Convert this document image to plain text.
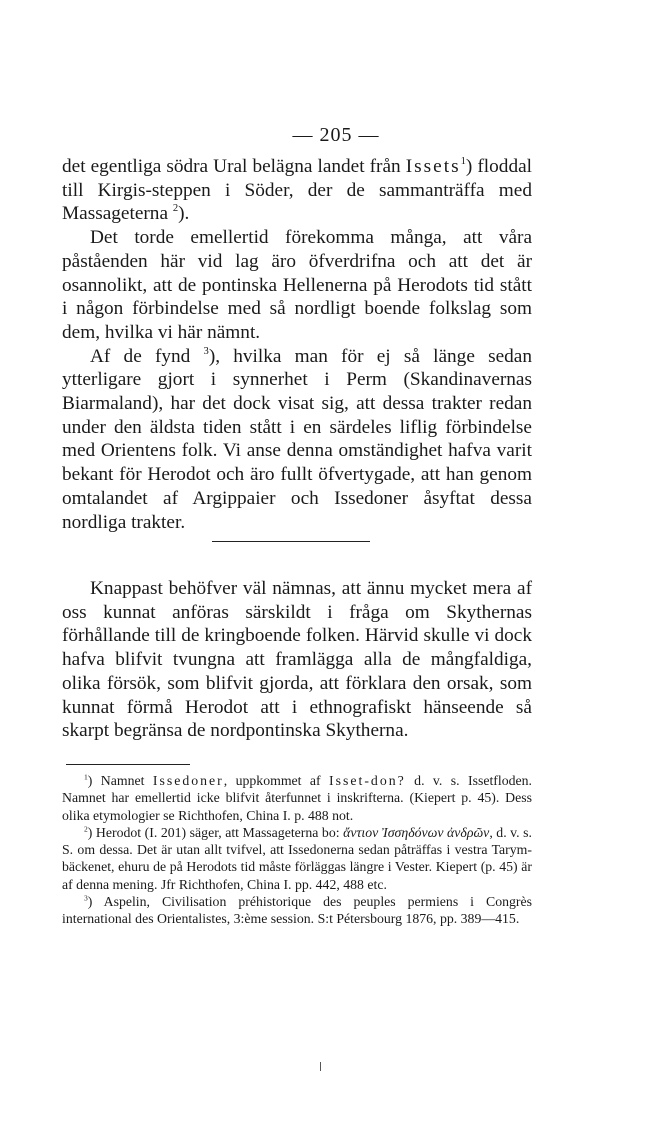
— 205 —

det egentliga södra Ural belägna landet från Issets$^1$) floddal till Kirgis-steppen i Söder, der de sammanträffa med Massageterna $^2$).

Det torde emellertid förekomma många, att våra påståenden här vid lag äro öfverdrifna och att det är osannolikt, att de pontinska Hellenerna på Herodots tid stått i någon förbindelse med så nordligt boende folkslag som dem, hvilka vi här nämnt.

Af de fynd $^3$), hvilka man för ej så länge sedan ytterligare gjort i synnerhet i Perm (Skandinavernas Biarmaland), har det dock visat sig, att dessa trakter redan under den äldsta tiden stått i en särdeles liflig förbindelse med Orientens folk. Vi anse denna omständighet hafva varit bekant för Herodot och äro fullt öfvertygade, att han genom omtalandet af Argippaier och Issedoner åsyftat dessa nordliga trakter.

Knappast behöfver väl nämnas, att ännu mycket mera af oss kunnat anföras särskildt i fråga om Skythernas förhållande till de kringboende folken. Härvid skulle vi dock hafva blifvit tvungna att framlägga alla de mångfaldiga, olika försök, som blifvit gjorda, att förklara den orsak, som kunnat förmå Herodot att i ethnografiskt hänseende så skarpt begränsa de nordpontinska Skytherna.

$^1$) Namnet Issedoner, uppkommet af Isset-don? d. v. s. Issetfloden. Namnet har emellertid icke blifvit återfunnet i inskrifterna. (Kiepert p. 45). Dess olika etymologier se Richthofen, China I. p. 488 not.

$^2$) Herodot (I. 201) säger, att Massageterna bo: ἄντιον Ἰσσηδόνων ἀνδρῶν, d. v. s. S. om dessa. Det är utan allt tvifvel, att Issedonerna sedan påträffas i vestra Tarym-bäckenet, ehuru de på Herodots tid måste förläggas längre i Vester. Kiepert (p. 45) är af denna mening. Jfr Richthofen, China I. pp. 442, 488 etc.

$^3$) Aspelin, Civilisation préhistorique des peuples permiens i Congrès international des Orientalistes, 3:ème session. S:t Pétersbourg 1876, pp. 389—415.
